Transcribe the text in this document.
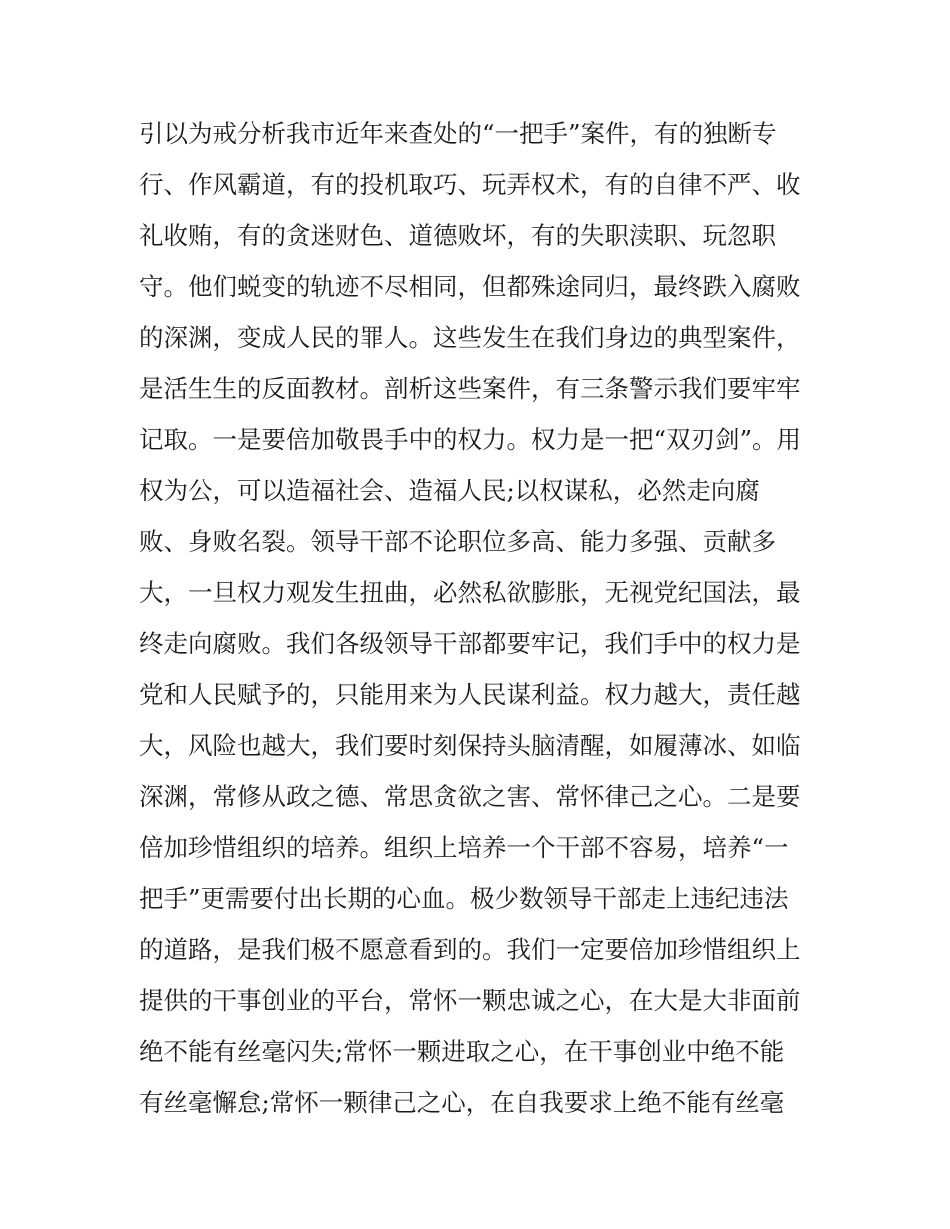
引以为戒分析我市近年来查处的“一把手”案件，有的独断专
行、作风霸道，有的投机取巧、玩弄权术，有的自律不严、收
礼收贿，有的贪迷财色、道德败坏，有的失职渎职、玩忽职
守。他们蜕变的轨迹不尽相同，但都殊途同归，最终跌入腐败
的深渊，变成人民的罪人。这些发生在我们身边的典型案件，
是活生生的反面教材。剖析这些案件，有三条警示我们要牢牢
记取。一是要倍加敬畏手中的权力。权力是一把“双刃剑”。用
权为公，可以造福社会、造福人民;以权谋私，必然走向腐
败、身败名裂。领导干部不论职位多高、能力多强、贡献多
大，一旦权力观发生扭曲，必然私欲膨胀，无视党纪国法，最
终走向腐败。我们各级领导干部都要牢记，我们手中的权力是
党和人民赋予的，只能用来为人民谋利益。权力越大，责任越
大，风险也越大，我们要时刻保持头脑清醒，如履薄冰、如临
深渊，常修从政之德、常思贪欲之害、常怀律己之心。二是要
倍加珍惜组织的培养。组织上培养一个干部不容易，培养“一
把手”更需要付出长期的心血。极少数领导干部走上违纪违法
的道路，是我们极不愿意看到的。我们一定要倍加珍惜组织上
提供的干事创业的平台，常怀一颗忠诚之心，在大是大非面前
绝不能有丝毫闪失;常怀一颗进取之心，在干事创业中绝不能
有丝毫懈怠;常怀一颗律己之心，在自我要求上绝不能有丝毫
